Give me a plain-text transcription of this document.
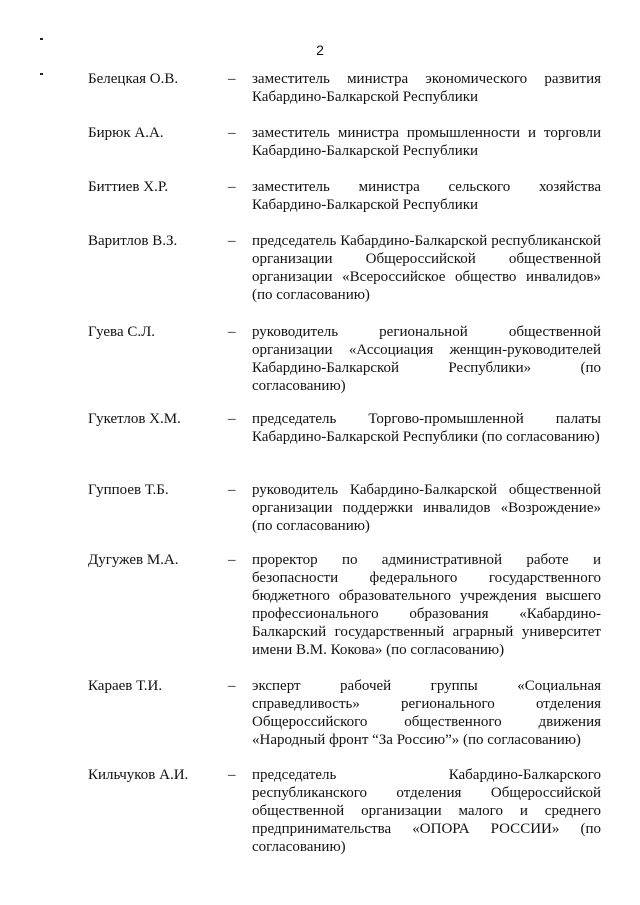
2
Белецкая О.В.	– заместитель министра экономического развития Кабардино-Балкарской Республики
Бирюк А.А.	– заместитель министра промышленности и торговли Кабардино-Балкарской Республики
Биттиев Х.Р.	– заместитель министра сельского хозяйства Кабардино-Балкарской Республики
Варитлов В.З.	– председатель Кабардино-Балкарской республиканской организации Общероссийской общественной организации «Всероссийское общество инвалидов» (по согласованию)
Гуева С.Л.	– руководитель региональной общественной организации «Ассоциация женщин-руководителей Кабардино-Балкарской Республики» (по согласованию)
Гукетлов Х.М.	– председатель Торгово-промышленной палаты Кабардино-Балкарской Республики (по согласованию)
Гуппоев Т.Б.	– руководитель Кабардино-Балкарской общественной организации поддержки инвалидов «Возрождение» (по согласованию)
Дугужев М.А.	– проректор по административной работе и безопасности федерального государственного бюджетного образовательного учреждения высшего профессионального образования «Кабардино-Балкарский государственный аграрный университет имени В.М. Кокова» (по согласованию)
Караев Т.И.	– эксперт рабочей группы «Социальная справедливость» регионального отделения Общероссийского общественного движения «Народный фронт “За Россию”» (по согласованию)
Кильчуков А.И.	– председатель Кабардино-Балкарского республиканского отделения Общероссийской общественной организации малого и среднего предпринимательства «ОПОРА РОССИИ» (по согласованию)
